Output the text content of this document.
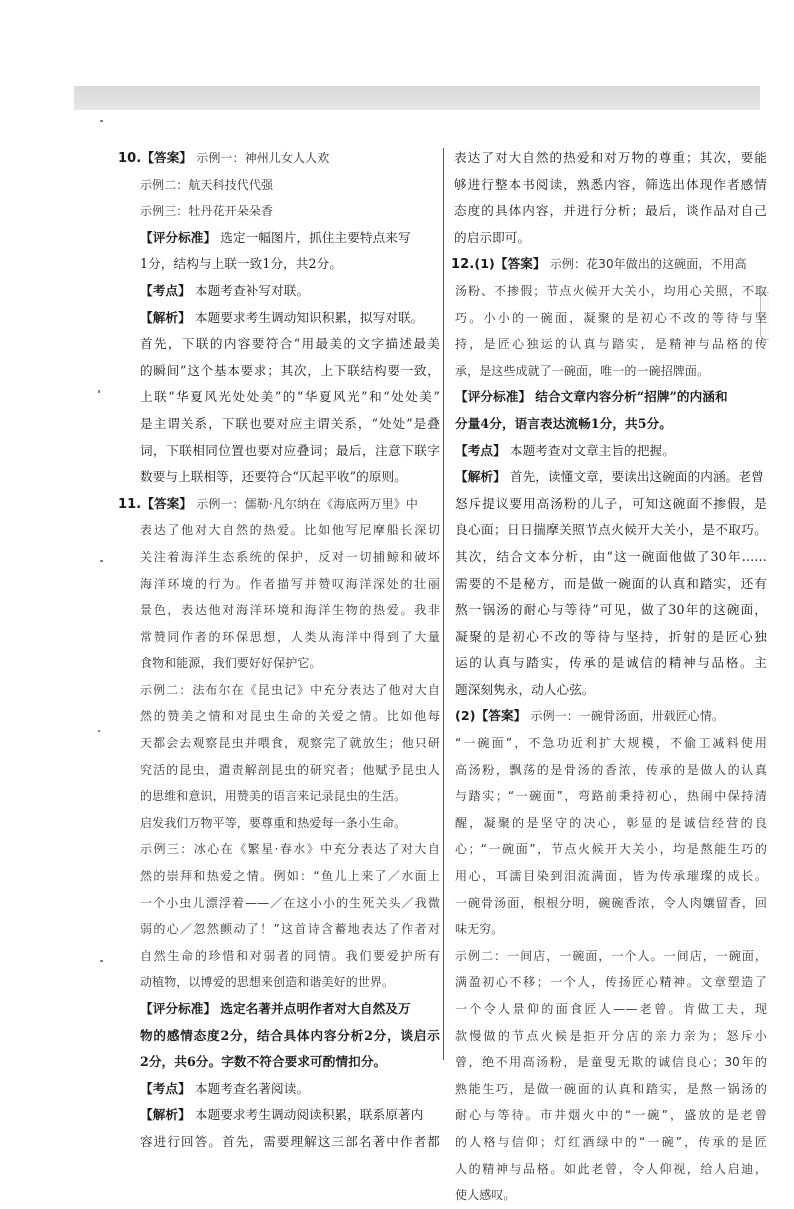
10.【答案】 示例一：神州儿女人人欢
示例二：航天科技代代强
示例三：牡丹花开朵朵香
【评分标准】 选定一幅图片，抓住主要特点来写
1分，结构与上联一致1分，共2分。
【考点】 本题考查补写对联。
【解析】 本题要求考生调动知识积累，拟写对联。
首先，下联的内容要符合“用最美的文字描述最美
的瞬间”这个基本要求；其次，上下联结构要一致，
上联“华夏风光处处美”的“华夏风光”和“处处美”
是主谓关系，下联也要对应主谓关系，“处处”是叠
词，下联相同位置也要对应叠词；最后，注意下联字
数要与上联相等，还要符合“仄起平收”的原则。
11.【答案】 示例一：儒勒·凡尔纳在《海底两万里》中
表达了他对大自然的热爱。比如他写尼摩船长深切
关注着海洋生态系统的保护，反对一切捕鲸和破坏
海洋环境的行为。作者描写并赞叹海洋深处的壮丽
景色，表达他对海洋环境和海洋生物的热爱。我非
常赞同作者的环保思想，人类从海洋中得到了大量
食物和能源，我们要好好保护它。
示例二：法布尔在《昆虫记》中充分表达了他对大自
然的赞美之情和对昆虫生命的关爱之情。比如他每
天都会去观察昆虫并喂食，观察完了就放生；他只研
究活的昆虫，遣责解剖昆虫的研究者；他赋予昆虫人
的思维和意识，用赞美的语言来记录昆虫的生活。
启发我们万物平等，要尊重和热爱每一条小生命。
示例三：冰心在《繁星·春水》中充分表达了对大自
然的崇拜和热爱之情。例如：“鱼儿上来了／水面上
一个小虫儿漂浮着——／在这小小的生死关头／我微
弱的心／忽然颤动了！”这首诗含蓄地表达了作者对
自然生命的珍惜和对弱者的同情。我们要爱护所有
动植物，以博爱的思想来创造和谐美好的世界。
【评分标准】 选定名著并点明作者对大自然及万
物的感情态度2分，结合具体内容分析2分，谈启示
2分，共6分。字数不符合要求可酌情扣分。
【考点】 本题考查名著阅读。
【解析】 本题要求考生调动阅读积累，联系原著内
容进行回答。首先，需要理解这三部名著中作者都
表达了对大自然的热爱和对万物的尊重；其次，要能
够进行整本书阅读，熟悉内容，筛选出体现作者感情
态度的具体内容，并进行分析；最后，谈作品对自己
的启示即可。
12.(1)【答案】 示例：花30年做出的这碗面，不用高
汤粉、不掺假；节点火候开大关小，均用心关照，不取
巧。小小的一碗面，凝聚的是初心不改的等待与坚
持，是匠心独运的认真与踏实，是精神与品格的传
承，是这些成就了一碗面，唯一的一碗招牌面。
【评分标准】 结合文章内容分析“招牌”的内涵和
分量4分，语言表达流畅1分，共5分。
【考点】 本题考查对文章主旨的把握。
【解析】 首先，读懂文章，要读出这碗面的内涵。老曾
怒斥提议要用高汤粉的儿子，可知这碗面不掺假，是
良心面；日日揣摩关照节点火候开大关小，是不取巧。
其次，结合文本分析，由“这一碗面他做了30年……
需要的不是秘方，而是做一碗面的认真和踏实，还有
熬一锅汤的耐心与等待”可见，做了30年的这碗面，
凝聚的是初心不改的等待与坚持，折射的是匠心独
运的认真与踏实，传承的是诚信的精神与品格。主
题深刻隽永，动人心弦。
(2)【答案】 示例一：一碗骨汤面，卅载匠心情。
“一碗面”，不急功近利扩大规模，不偷工减料使用
高汤粉，飘荡的是骨汤的香浓，传承的是做人的认真
与踏实；“一碗面”，弯路前秉持初心，热闹中保持清
醒，凝聚的是坚守的决心，彰显的是诚信经营的良
心；“一碗面”，节点火候开大关小，均是熬能生巧的
用心，耳濡目染到泪流满面，皆为传承璀璨的成长。
一碗骨汤面，根根分明，碗碗香浓，令人肉孃留香，回
味无穷。
示例二：一间店，一碗面，一个人。一间店，一碗面，
满盈初心不移；一个人，传扬匠心精神。文章塑造了
一个令人景仰的面食匠人——老曾。肯做工夫，现
款慢做的节点火候是拒开分店的亲力亲为；怒斥小
曾，绝不用高汤粉，是童叟无欺的诚信良心；30年的
熟能生巧，是做一碗面的认真和踏实，是熬一锅汤的
耐心与等待。市井烟火中的“一碗”，盛放的是老曾
的人格与信仰；灯红酒绿中的“一碗”，传承的是匠
人的精神与品格。如此老曾，令人仰视，给人启迪，
使人感叹。
